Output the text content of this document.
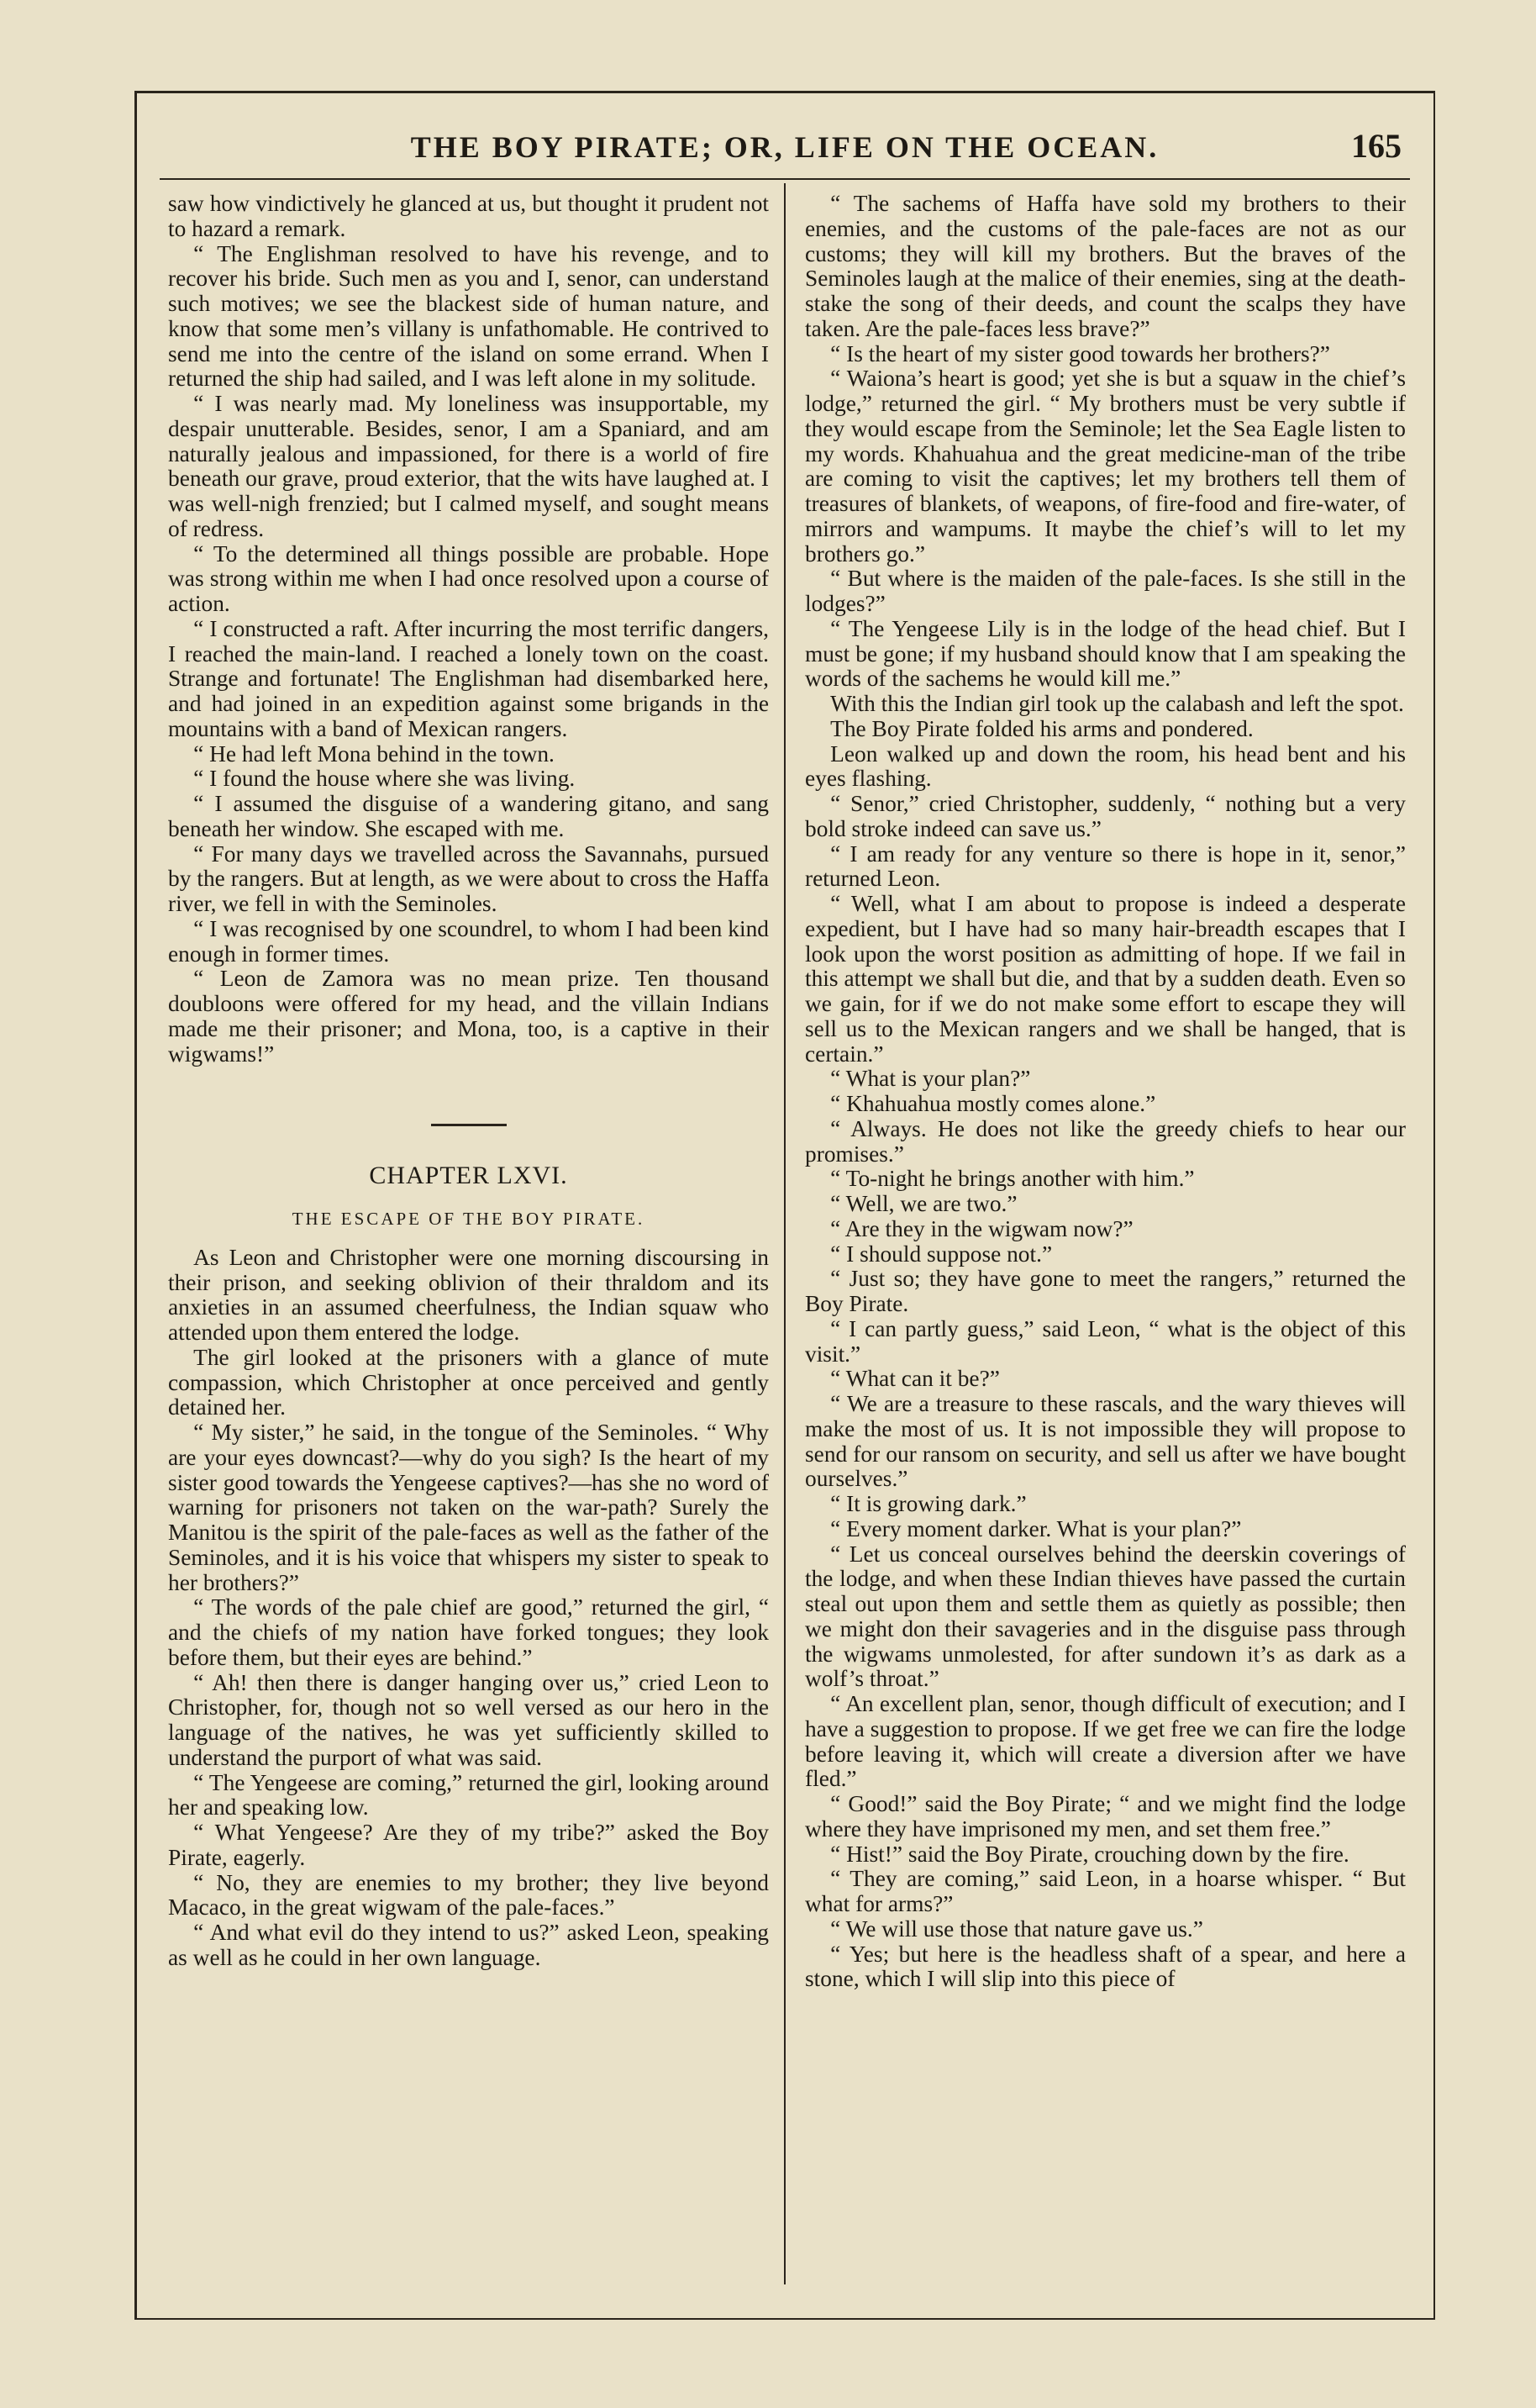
THE BOY PIRATE; OR, LIFE ON THE OCEAN.	165

saw how vindictively he glanced at us, but thought it prudent not to hazard a remark.

“ The Englishman resolved to have his revenge, and to recover his bride. Such men as you and I, senor, can understand such motives; we see the blackest side of human nature, and know that some men’s villany is unfathomable. He contrived to send me into the centre of the island on some errand. When I returned the ship had sailed, and I was left alone in my solitude.

“ I was nearly mad. My loneliness was insupportable, my despair unutterable. Besides, senor, I am a Spaniard, and am naturally jealous and impassioned, for there is a world of fire beneath our grave, proud exterior, that the wits have laughed at. I was well-nigh frenzied; but I calmed myself, and sought means of redress.

“ To the determined all things possible are probable. Hope was strong within me when I had once resolved upon a course of action.

“ I constructed a raft. After incurring the most terrific dangers, I reached the main-land. I reached a lonely town on the coast. Strange and fortunate! The Englishman had disembarked here, and had joined in an expedition against some brigands in the mountains with a band of Mexican rangers.

“ He had left Mona behind in the town.

“ I found the house where she was living.

“ I assumed the disguise of a wandering gitano, and sang beneath her window. She escaped with me.

“ For many days we travelled across the Savannahs, pursued by the rangers. But at length, as we were about to cross the Haffa river, we fell in with the Seminoles.

“ I was recognised by one scoundrel, to whom I had been kind enough in former times.

“ Leon de Zamora was no mean prize. Ten thousand doubloons were offered for my head, and the villain Indians made me their prisoner; and Mona, too, is a captive in their wigwams!”

CHAPTER LXVI.
THE ESCAPE OF THE BOY PIRATE.

As Leon and Christopher were one morning discoursing in their prison, and seeking oblivion of their thraldom and its anxieties in an assumed cheerfulness, the Indian squaw who attended upon them entered the lodge.

The girl looked at the prisoners with a glance of mute compassion, which Christopher at once perceived and gently detained her.

“ My sister,” he said, in the tongue of the Seminoles. “ Why are your eyes downcast?—why do you sigh? Is the heart of my sister good towards the Yengeese captives?—has she no word of warning for prisoners not taken on the war-path? Surely the Manitou is the spirit of the pale-faces as well as the father of the Seminoles, and it is his voice that whispers my sister to speak to her brothers?”

“ The words of the pale chief are good,” returned the girl, “ and the chiefs of my nation have forked tongues; they look before them, but their eyes are behind.”

“ Ah! then there is danger hanging over us,” cried Leon to Christopher, for, though not so well versed as our hero in the language of the natives, he was yet sufficiently skilled to understand the purport of what was said.

“ The Yengeese are coming,” returned the girl, looking around her and speaking low.

“ What Yengeese? Are they of my tribe?” asked the Boy Pirate, eagerly.

“ No, they are enemies to my brother; they live beyond Macaco, in the great wigwam of the pale-faces.”

“ And what evil do they intend to us?” asked Leon, speaking as well as he could in her own language.

“ The sachems of Haffa have sold my brothers to their enemies, and the customs of the pale-faces are not as our customs; they will kill my brothers. But the braves of the Seminoles laugh at the malice of their enemies, sing at the death-stake the song of their deeds, and count the scalps they have taken. Are the pale-faces less brave?”

“ Is the heart of my sister good towards her brothers?”

“ Waiona’s heart is good; yet she is but a squaw in the chief’s lodge,” returned the girl. “ My brothers must be very subtle if they would escape from the Seminole; let the Sea Eagle listen to my words. Khahuahua and the great medicine-man of the tribe are coming to visit the captives; let my brothers tell them of treasures of blankets, of weapons, of fire-food and fire-water, of mirrors and wampums. It maybe the chief’s will to let my brothers go.”

“ But where is the maiden of the pale-faces. Is she still in the lodges?”

“ The Yengeese Lily is in the lodge of the head chief. But I must be gone; if my husband should know that I am speaking the words of the sachems he would kill me.”

With this the Indian girl took up the calabash and left the spot.

The Boy Pirate folded his arms and pondered.

Leon walked up and down the room, his head bent and his eyes flashing.

“ Senor,” cried Christopher, suddenly, “ nothing but a very bold stroke indeed can save us.”

“ I am ready for any venture so there is hope in it, senor,” returned Leon.

“ Well, what I am about to propose is indeed a desperate expedient, but I have had so many hair-breadth escapes that I look upon the worst position as admitting of hope. If we fail in this attempt we shall but die, and that by a sudden death. Even so we gain, for if we do not make some effort to escape they will sell us to the Mexican rangers and we shall be hanged, that is certain.”

“ What is your plan?”

“ Khahuahua mostly comes alone.”

“ Always. He does not like the greedy chiefs to hear our promises.”

“ To-night he brings another with him.”

“ Well, we are two.”

“ Are they in the wigwam now?”

“ I should suppose not.”

“ Just so; they have gone to meet the rangers,” returned the Boy Pirate.

“ I can partly guess,” said Leon, “ what is the object of this visit.”

“ What can it be?”

“ We are a treasure to these rascals, and the wary thieves will make the most of us. It is not impossible they will propose to send for our ransom on security, and sell us after we have bought ourselves.”

“ It is growing dark.”

“ Every moment darker. What is your plan?”

“ Let us conceal ourselves behind the deerskin coverings of the lodge, and when these Indian thieves have passed the curtain steal out upon them and settle them as quietly as possible; then we might don their savageries and in the disguise pass through the wigwams unmolested, for after sundown it’s as dark as a wolf’s throat.”

“ An excellent plan, senor, though difficult of execution; and I have a suggestion to propose. If we get free we can fire the lodge before leaving it, which will create a diversion after we have fled.”

“ Good!” said the Boy Pirate; “ and we might find the lodge where they have imprisoned my men, and set them free.”

“ Hist!” said the Boy Pirate, crouching down by the fire.

“ They are coming,” said Leon, in a hoarse whisper. “ But what for arms?”

“ We will use those that nature gave us.”

“ Yes; but here is the headless shaft of a spear, and here a stone, which I will slip into this piece of
